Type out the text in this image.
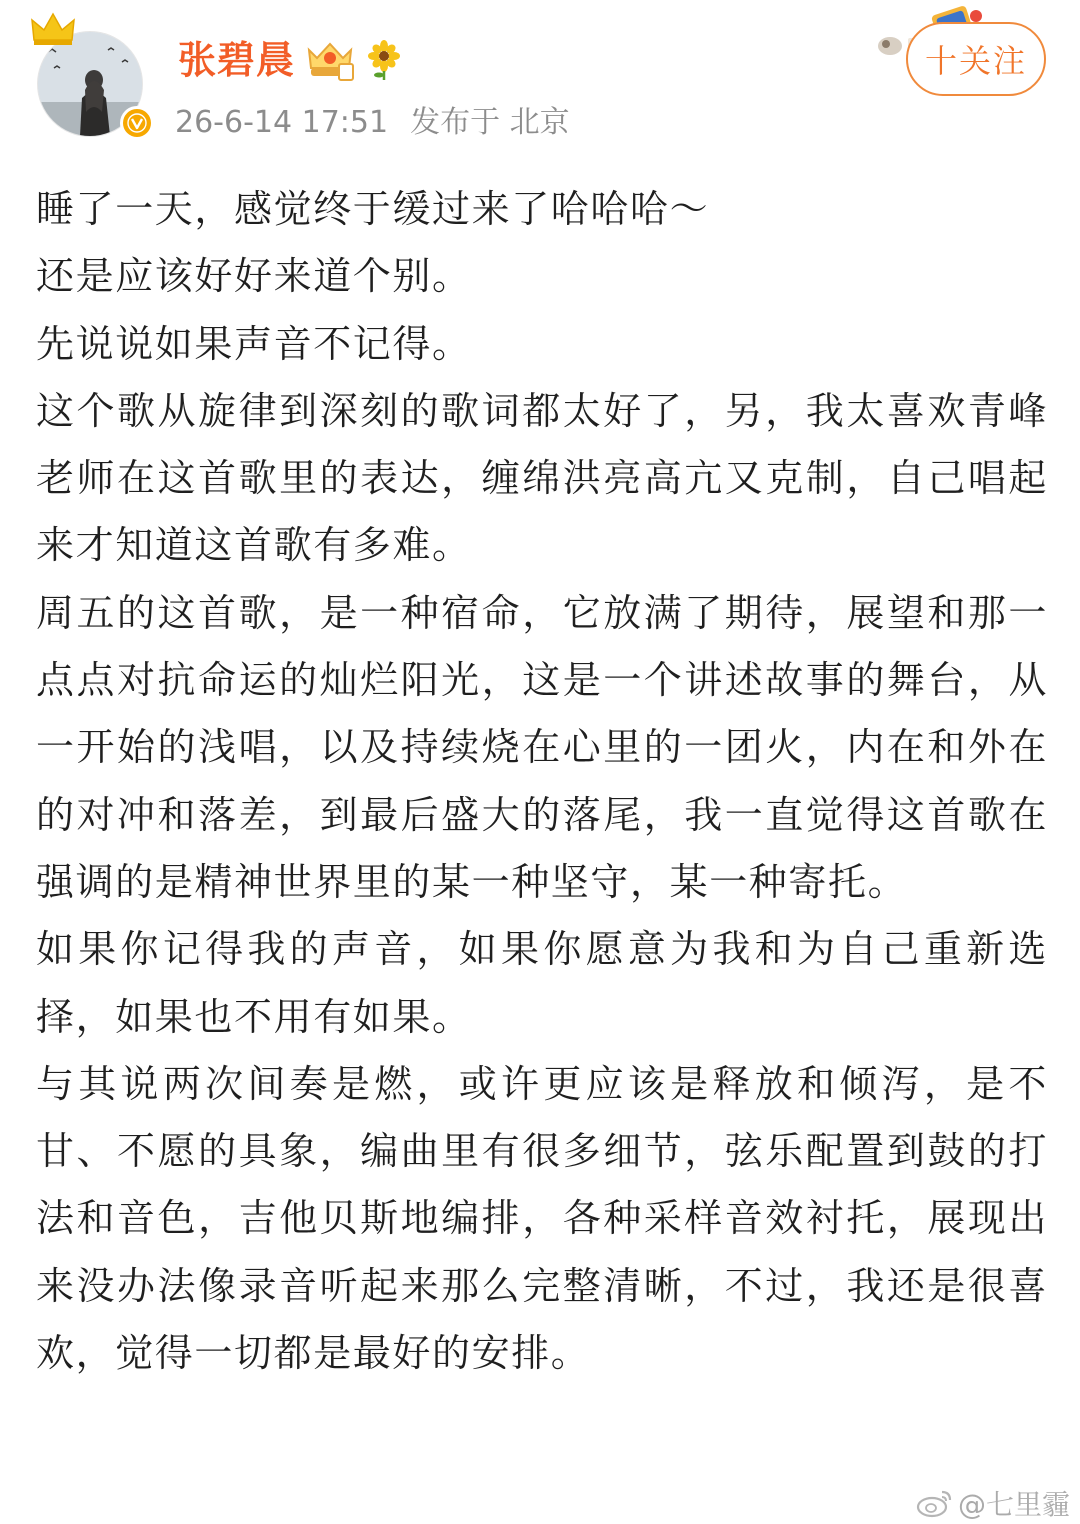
张碧晨
26-6-14 17:51 发布于 北京
十关注

睡了一天，感觉终于缓过来了哈哈哈～

还是应该好好来道个别。

先说说如果声音不记得。

这个歌从旋律到深刻的歌词都太好了，另，我太喜欢青峰老师在这首歌里的表达，缠绵洪亮高亢又克制，自己唱起来才知道这首歌有多难。

周五的这首歌，是一种宿命，它放满了期待，展望和那一点点对抗命运的灿烂阳光，这是一个讲述故事的舞台，从一开始的浅唱，以及持续烧在心里的一团火，内在和外在的对冲和落差，到最后盛大的落尾，我一直觉得这首歌在强调的是精神世界里的某一种坚守，某一种寄托。

如果你记得我的声音，如果你愿意为我和为自己重新选择，如果也不用有如果。

与其说两次间奏是燃，或许更应该是释放和倾泻，是不甘、不愿的具象，编曲里有很多细节，弦乐配置到鼓的打法和音色，吉他贝斯地编排，各种采样音效衬托，展现出来没办法像录音听起来那么完整清晰，不过，我还是很喜欢，觉得一切都是最好的安排。

@七里霾
